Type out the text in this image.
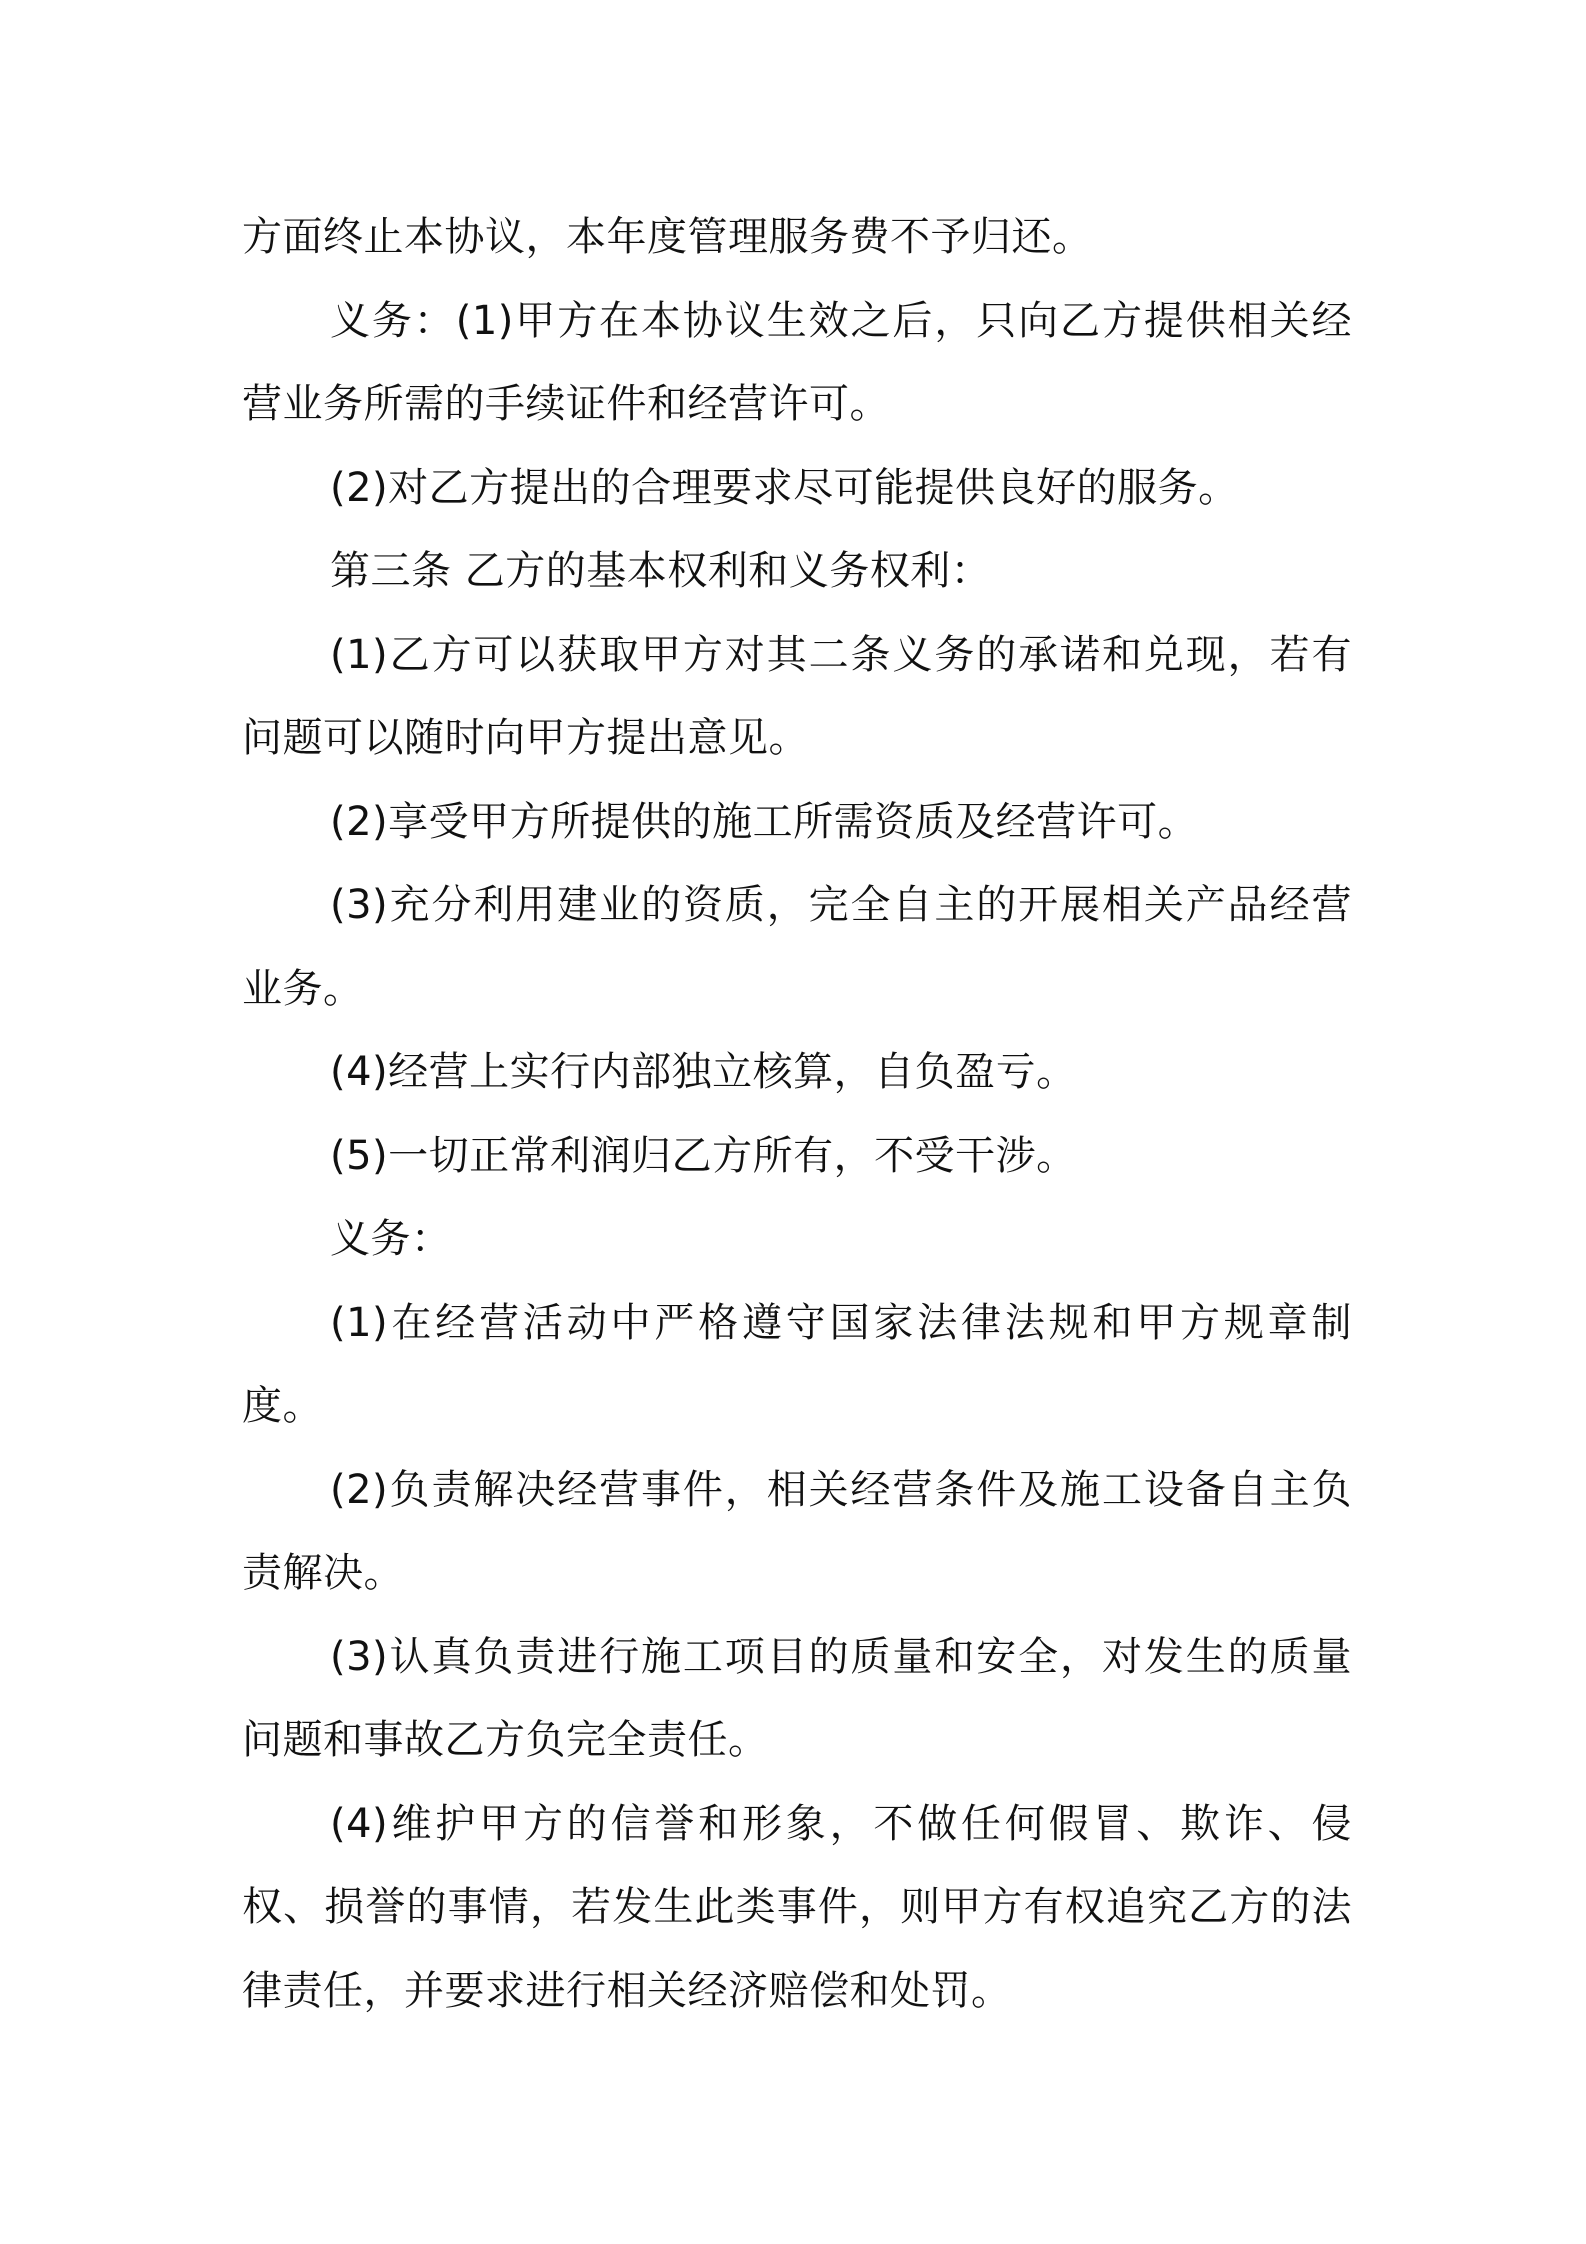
方面终止本协议，本年度管理服务费不予归还。

义务：(1)甲方在本协议生效之后，只向乙方提供相关经营业务所需的手续证件和经营许可。

(2)对乙方提出的合理要求尽可能提供良好的服务。

第三条 乙方的基本权利和义务权利：

(1)乙方可以获取甲方对其二条义务的承诺和兑现，若有问题可以随时向甲方提出意见。

(2)享受甲方所提供的施工所需资质及经营许可。

(3)充分利用建业的资质，完全自主的开展相关产品经营业务。

(4)经营上实行内部独立核算，自负盈亏。

(5)一切正常利润归乙方所有，不受干涉。

义务：

(1)在经营活动中严格遵守国家法律法规和甲方规章制度。

(2)负责解决经营事件，相关经营条件及施工设备自主负责解决。

(3)认真负责进行施工项目的质量和安全，对发生的质量问题和事故乙方负完全责任。

(4)维护甲方的信誉和形象，不做任何假冒、欺诈、侵权、损誉的事情，若发生此类事件，则甲方有权追究乙方的法律责任，并要求进行相关经济赔偿和处罚。
